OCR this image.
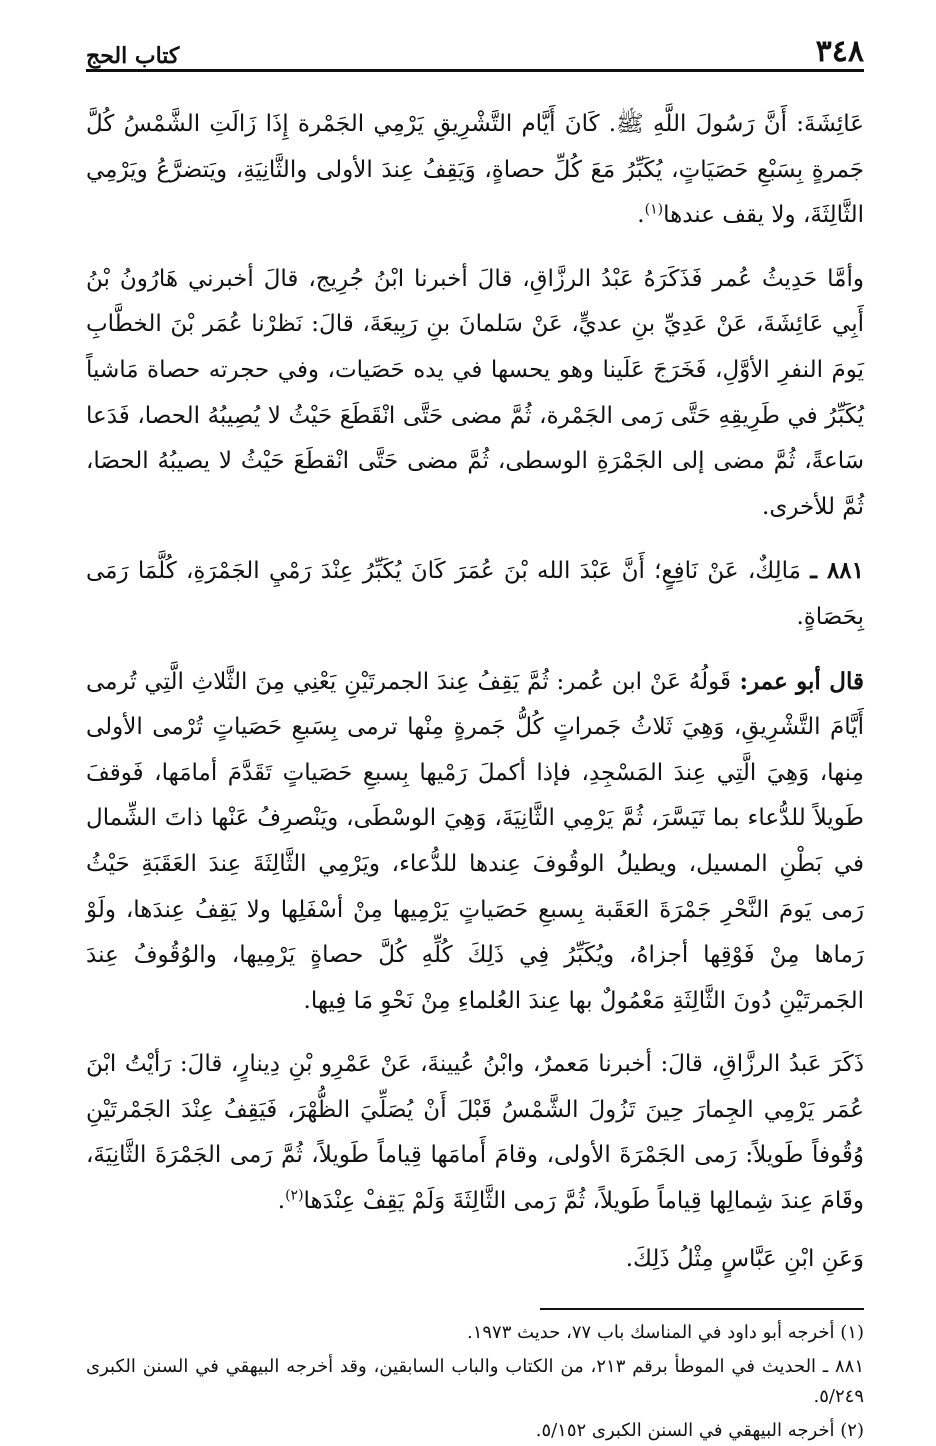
٣٤٨
كتاب الحج

عَائِشَةَ: أَنَّ رَسُولَ اللَّهِ ﷺ. كَانَ أَيَّام التَّشْرِيقِ يَرْمِي الجَمْرة إِذَا زَالَتِ الشَّمْسُ كُلَّ جَمرةٍ بِسَبْعِ حَصَيَاتٍ، يُكَبِّرُ مَعَ كُلِّ حصاةٍ، وَيَقِفُ عِندَ الأولى والثَّانِيَةِ، ويَتضرَّعُ ويَرْمِي الثَّالِثَةَ، ولا يقف عندها$^{(١)}$.

وأمَّا حَدِيثُ عُمر فَذَكَرَهُ عَبْدُ الرزَّاقِ، قالَ أخبرنا ابْنُ جُرِيج، قالَ أخبرني هَارُونُ بْنُ أَبِي عَائِشَةَ، عَنْ عَدِيِّ بنِ عديٍّ، عَنْ سَلمانَ بنِ رَبِيعَةَ، قالَ: نَظرْنا عُمَر بْنَ الخطَّابِ يَومَ النفرِ الأوَّلِ، فَخَرَجَ عَلَينا وهو يحسها في يده حَصَيات، وفي حجرته حصاة مَاشياً يُكَبِّرُ في طَرِيقِهِ حَتَّى رَمى الجَمْرة، ثُمَّ مضى حَتَّى انْقَطَعَ حَيْثُ لا يُصِيبُهُ الحصا، فَدَعا سَاعةً، ثُمَّ مضى إلى الجَمْرَةِ الوسطى، ثُمَّ مضى حَتَّى انْقطَعَ حَيْثُ لا يصيبُهُ الحصَا، ثُمَّ للأخرى.

٨٨١ ـ مَالِكٌ، عَنْ نَافِعٍ؛ أَنَّ عَبْدَ الله بْنَ عُمَرَ كَانَ يُكَبِّرُ عِنْدَ رَمْيِ الجَمْرَةِ، كُلَّمَا رَمَى بِحَصَاةٍ.

قال أبو عمر: قَولُهُ عَنْ ابن عُمر: ثُمَّ يَقِفُ عِندَ الجمرتَيْنِ يَعْنِي مِنَ الثَّلاثِ الَّتِي تُرمى أَيَّامَ التَّشْرِيقِ، وَهِيَ ثَلاثُ جَمراتٍ كُلُّ جَمرةٍ مِنْها ترمى بِسَبعِ حَصَياتٍ تُرْمى الأولى مِنها، وَهِيَ الَّتِي عِندَ المَسْجِدِ، فإذا أكملَ رَمْيها بِسبعِ حَصَياتٍ تَقَدَّمَ أمامَها، فَوقفَ طَويلاً للدُّعاء بما تَيَسَّرَ، ثُمَّ يَرْمِي الثَّانِيَةَ، وَهِيَ الوسْطَى، ويَنْصرِفُ عَنْها ذاتَ الشِّمال في بَطْنِ المسيل، ويطيلُ الوقُوفَ عِندها للدُّعاء، ويَرْمِي الثَّالِثَةَ عِندَ العَقَبَةِ حَيْثُ رَمى يَومَ النَّحْرِ جَمْرَةَ العَقَبة بِسبعِ حَصَياتٍ يَرْمِيها مِنْ أسْفَلِها ولا يَقِفُ عِندَها، ولَوْ رَماها مِنْ فَوْقِها أجزاهُ، ويُكَبِّرُ فِي ذَلِكَ كُلِّهِ كُلَّ حصاةٍ يَرْمِيها، والوُقُوفُ عِندَ الجَمرتَيْنِ دُونَ الثَّالِثَةِ مَعْمُولٌ بها عِندَ العُلماءِ مِنْ نَحْوِ مَا فِيها.

ذَكَرَ عَبدُ الرزَّاقِ، قالَ: أخبرنا مَعمرٌ، وابْنُ عُيينةَ، عَنْ عَمْرِو بْنِ دِينارٍ، قالَ: رَأيْتُ ابْنَ عُمَر يَرْمِي الجِمارَ حِينَ تَزُولَ الشَّمْسُ قَبْلَ أَنْ يُصَلِّيَ الظُّهْرَ، فَيَقِفُ عِنْدَ الجَمْرتَيْنِ وُقُوفاً طَويلاً: رَمى الجَمْرَةَ الأولى، وقامَ أَمامَها قِياماً طَويلاً، ثُمَّ رَمى الجَمْرَةَ الثَّانِيَةَ، وقَامَ عِندَ شِمالِها قِياماً طَويلاً، ثُمَّ رَمى الثَّالِثَةَ وَلَمْ يَقِفْ عِنْدَها$^{(٢)}$.

وَعَنِ ابْنِ عَبَّاسٍ مِثْلُ ذَلِكَ.

(١) أخرجه أبو داود في المناسك باب ٧٧، حديث ١٩٧٣.

٨٨١ ـ الحديث في الموطأ برقم ٢١٣، من الكتاب والباب السابقين، وقد أخرجه البيهقي في السنن الكبرى ٥/٢٤٩.

(٢) أخرجه البيهقي في السنن الكبرى ٥/١٥٢.
